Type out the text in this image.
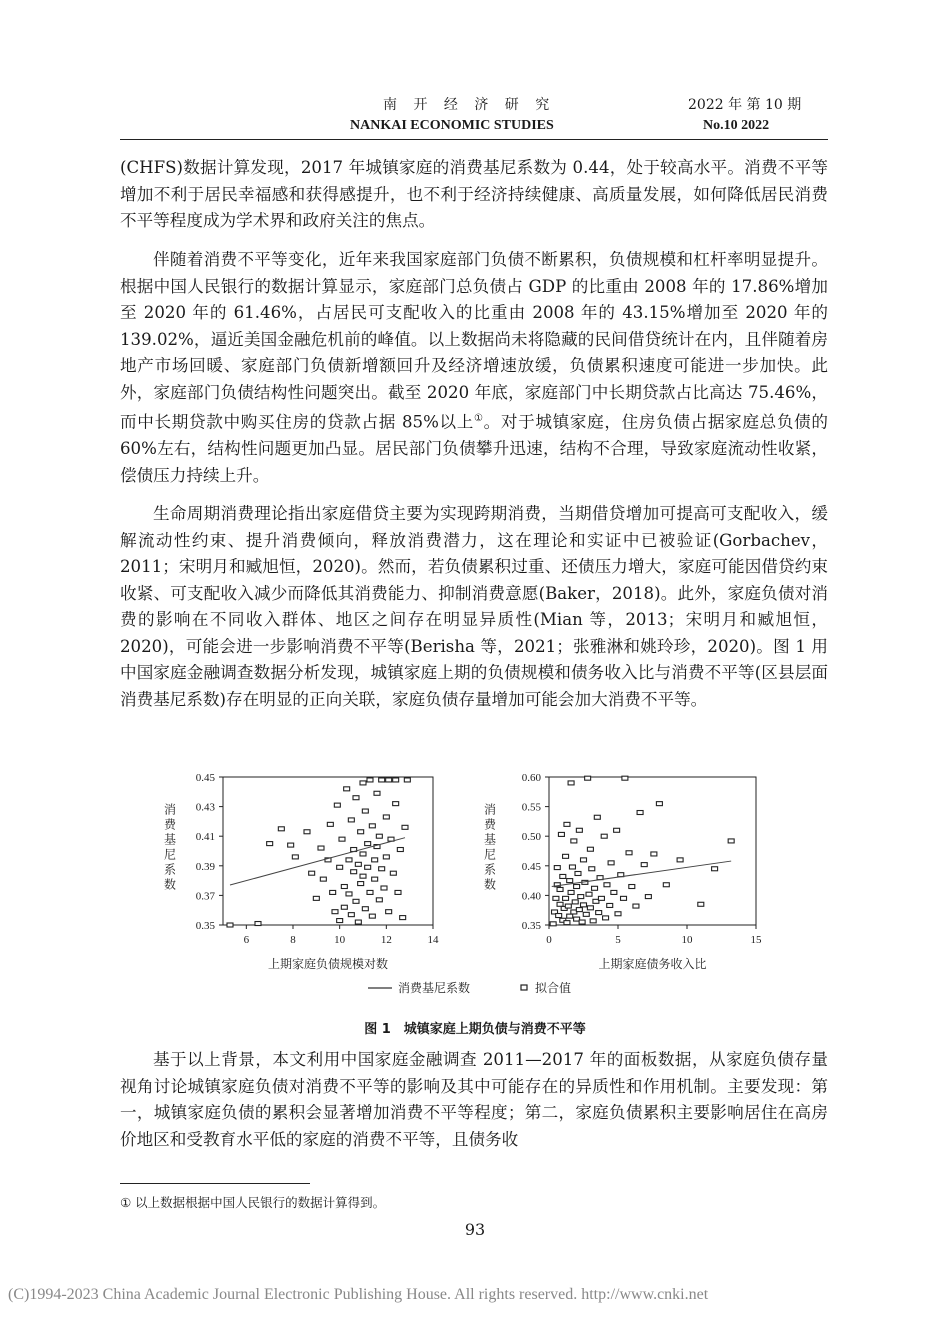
南 开 经 济 研 究	2022 年 第 10 期
NANKAI ECONOMIC STUDIES	No.10 2022

(CHFS)数据计算发现，2017 年城镇家庭的消费基尼系数为 0.44，处于较高水平。消费不平等增加不利于居民幸福感和获得感提升，也不利于经济持续健康、高质量发展，如何降低居民消费不平等程度成为学术界和政府关注的焦点。

伴随着消费不平等变化，近年来我国家庭部门负债不断累积，负债规模和杠杆率明显提升。根据中国人民银行的数据计算显示，家庭部门总负债占 GDP 的比重由 2008 年的 17.86%增加至 2020 年的 61.46%，占居民可支配收入的比重由 2008 年的 43.15%增加至 2020 年的 139.02%，逼近美国金融危机前的峰值。以上数据尚未将隐藏的民间借贷统计在内，且伴随着房地产市场回暖、家庭部门负债新增额回升及经济增速放缓，负债累积速度可能进一步加快。此外，家庭部门负债结构性问题突出。截至 2020 年底，家庭部门中长期贷款占比高达 75.46%，而中长期贷款中购买住房的贷款占据 85%以上①。对于城镇家庭，住房负债占据家庭总负债的 60%左右，结构性问题更加凸显。居民部门负债攀升迅速，结构不合理，导致家庭流动性收紧，偿债压力持续上升。

生命周期消费理论指出家庭借贷主要为实现跨期消费，当期借贷增加可提高可支配收入，缓解流动性约束、提升消费倾向，释放消费潜力，这在理论和实证中已被验证(Gorbachev，2011；宋明月和臧旭恒，2020)。然而，若负债累积过重、还债压力增大，家庭可能因借贷约束收紧、可支配收入减少而降低其消费能力、抑制消费意愿(Baker，2018)。此外，家庭负债对消费的影响在不同收入群体、地区之间存在明显异质性(Mian 等，2013；宋明月和臧旭恒，2020)，可能会进一步影响消费不平等(Berisha 等，2021；张雅淋和姚玲珍，2020)。图 1 用中国家庭金融调查数据分析发现，城镇家庭上期的负债规模和债务收入比与消费不平等(区县层面消费基尼系数)存在明显的正向关联，家庭负债存量增加可能会加大消费不平等。

0.45
0.43
0.41
0.39
0.37
0.35
6	8	10	12	14
上期家庭负债规模对数
消
费
基
尼
系
数
0.60
0.55
0.50
0.45
0.40
0.35
0	5	10	15
上期家庭债务收入比
消
费
基
尼
系
数
消费基尼系数	拟合值
图 1　城镇家庭上期负债与消费不平等

基于以上背景，本文利用中国家庭金融调查 2011—2017 年的面板数据，从家庭负债存量视角讨论城镇家庭负债对消费不平等的影响及其中可能存在的异质性和作用机制。主要发现：第一，城镇家庭负债的累积会显著增加消费不平等程度；第二，家庭负债累积主要影响居住在高房价地区和受教育水平低的家庭的消费不平等，且债务收

① 以上数据根据中国人民银行的数据计算得到。
93
(C)1994-2023 China Academic Journal Electronic Publishing House. All rights reserved. http://www.cnki.net
